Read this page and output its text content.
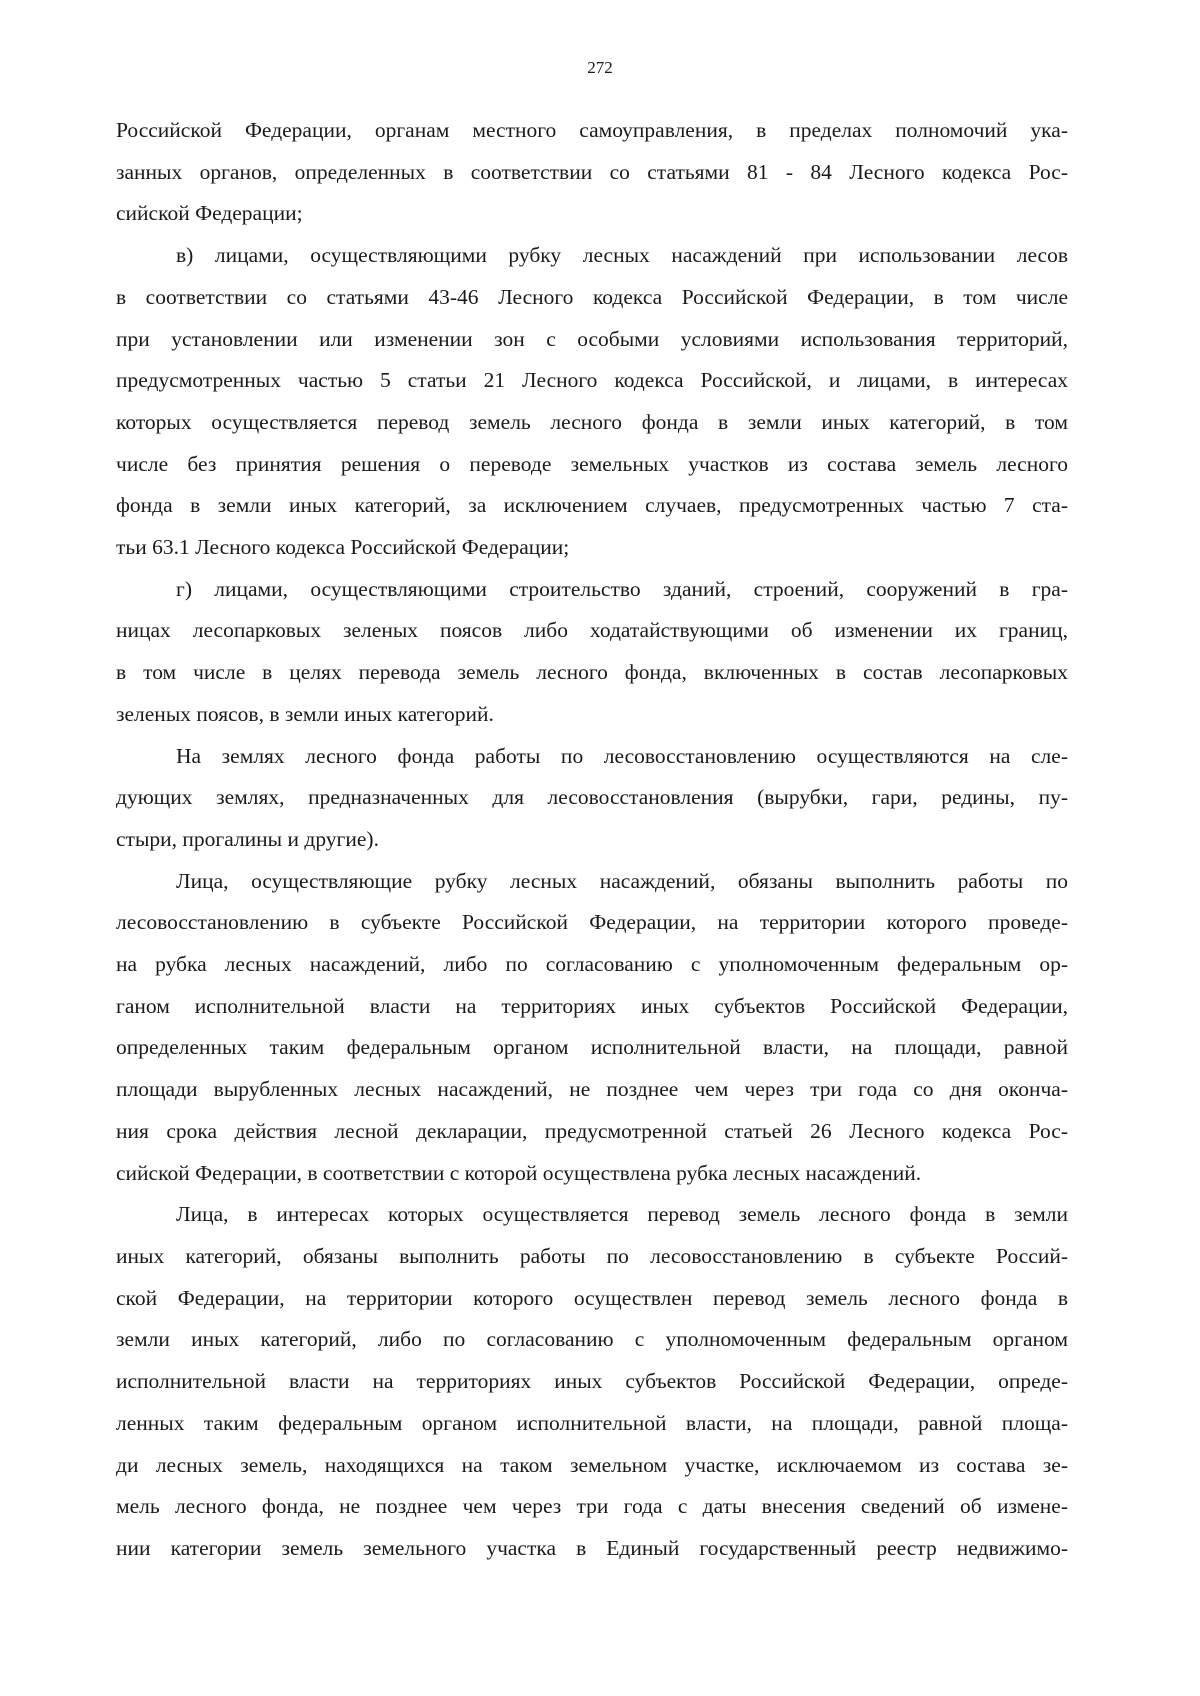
272

Российской Федерации, органам местного самоуправления, в пределах полномочий ука-
занных органов, определенных в соответствии со статьями 81 - 84 Лесного кодекса Рос-
сийской Федерации;

в) лицами, осуществляющими рубку лесных насаждений при использовании лесов
в соответствии со статьями 43-46 Лесного кодекса Российской Федерации, в том числе
при установлении или изменении зон с особыми условиями использования территорий,
предусмотренных частью 5 статьи 21 Лесного кодекса Российской, и лицами, в интересах
которых осуществляется перевод земель лесного фонда в земли иных категорий, в том
числе без принятия решения о переводе земельных участков из состава земель лесного
фонда в земли иных категорий, за исключением случаев, предусмотренных частью 7 ста-
тьи 63.1 Лесного кодекса Российской Федерации;

г) лицами, осуществляющими строительство зданий, строений, сооружений в гра-
ницах лесопарковых зеленых поясов либо ходатайствующими об изменении их границ,
в том числе в целях перевода земель лесного фонда, включенных в состав лесопарковых
зеленых поясов, в земли иных категорий.

На землях лесного фонда работы по лесовосстановлению осуществляются на сле-
дующих землях, предназначенных для лесовосстановления (вырубки, гари, редины, пу-
стыри, прогалины и другие).

Лица, осуществляющие рубку лесных насаждений, обязаны выполнить работы по
лесовосстановлению в субъекте Российской Федерации, на территории которого проведе-
на рубка лесных насаждений, либо по согласованию с уполномоченным федеральным ор-
ганом исполнительной власти на территориях иных субъектов Российской Федерации,
определенных таким федеральным органом исполнительной власти, на площади, равной
площади вырубленных лесных насаждений, не позднее чем через три года со дня оконча-
ния срока действия лесной декларации, предусмотренной статьей 26 Лесного кодекса Рос-
сийской Федерации, в соответствии с которой осуществлена рубка лесных насаждений.

Лица, в интересах которых осуществляется перевод земель лесного фонда в земли
иных категорий, обязаны выполнить работы по лесовосстановлению в субъекте Россий-
ской Федерации, на территории которого осуществлен перевод земель лесного фонда в
земли иных категорий, либо по согласованию с уполномоченным федеральным органом
исполнительной власти на территориях иных субъектов Российской Федерации, опреде-
ленных таким федеральным органом исполнительной власти, на площади, равной площа-
ди лесных земель, находящихся на таком земельном участке, исключаемом из состава зе-
мель лесного фонда, не позднее чем через три года с даты внесения сведений об измене-
нии категории земель земельного участка в Единый государственный реестр недвижимо-
